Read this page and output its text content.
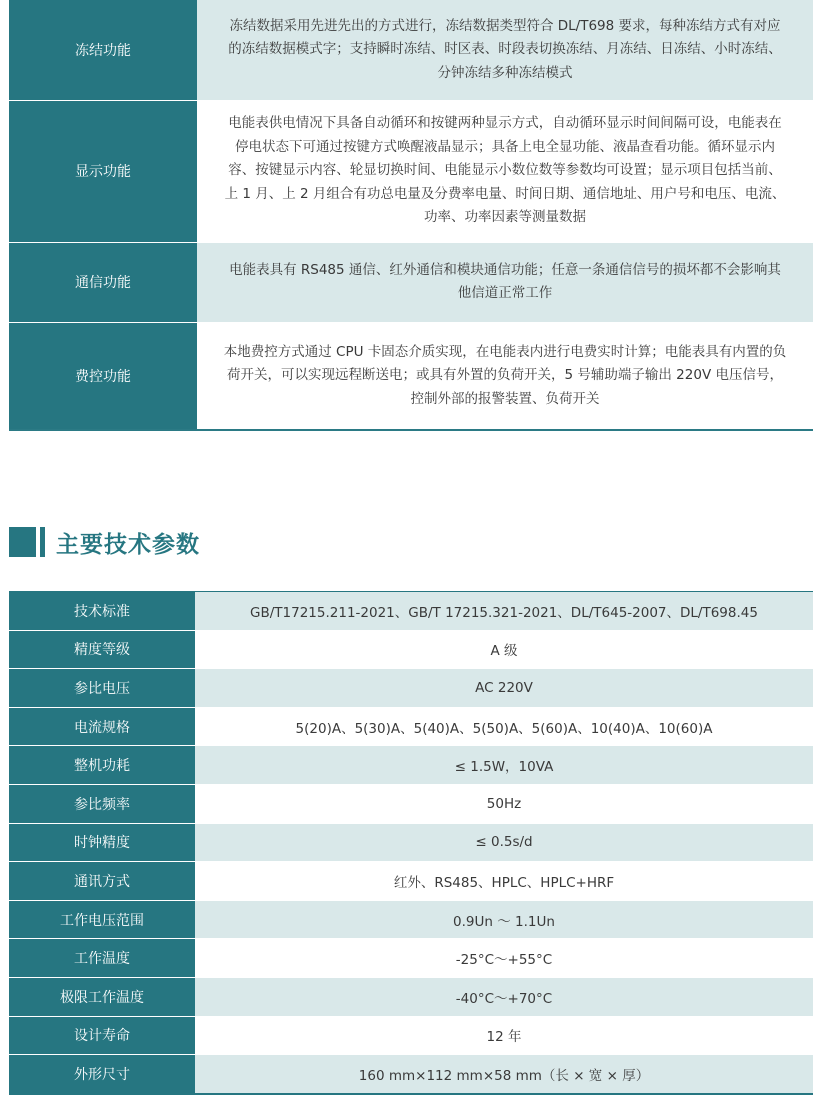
冻结功能	冻结数据采用先进先出的方式进行，冻结数据类型符合 DL/T698 要求，每种冻结方式有对应的冻结数据模式字；支持瞬时冻结、时区表、时段表切换冻结、月冻结、日冻结、小时冻结、分钟冻结多种冻结模式
显示功能	电能表供电情况下具备自动循环和按键两种显示方式，自动循环显示时间间隔可设，电能表在停电状态下可通过按键方式唤醒液晶显示；具备上电全显功能、液晶查看功能。循环显示内容、按键显示内容、轮显切换时间、电能显示小数位数等参数均可设置；显示项目包括当前、上 1 月、上 2 月组合有功总电量及分费率电量、时间日期、通信地址、用户号和电压、电流、功率、功率因素等测量数据
通信功能	电能表具有 RS485 通信、红外通信和模块通信功能；任意一条通信信号的损坏都不会影响其他信道正常工作
费控功能	本地费控方式通过 CPU 卡固态介质实现，在电能表内进行电费实时计算；电能表具有内置的负荷开关，可以实现远程断送电；或具有外置的负荷开关，5 号辅助端子输出 220V 电压信号，控制外部的报警装置、负荷开关
主要技术参数
技术标准	GB/T17215.211-2021、GB/T 17215.321-2021、DL/T645-2007、DL/T698.45
精度等级	A 级
参比电压	AC 220V
电流规格	5(20)A、5(30)A、5(40)A、5(50)A、5(60)A、10(40)A、10(60)A
整机功耗	≤ 1.5W，10VA
参比频率	50Hz
时钟精度	≤ 0.5s/d
通讯方式	红外、RS485、HPLC、HPLC+HRF
工作电压范围	0.9Un ～ 1.1Un
工作温度	-25°C～+55°C
极限工作温度	-40°C～+70°C
设计寿命	12 年
外形尺寸	160 mm×112 mm×58 mm（长 × 宽 × 厚）
